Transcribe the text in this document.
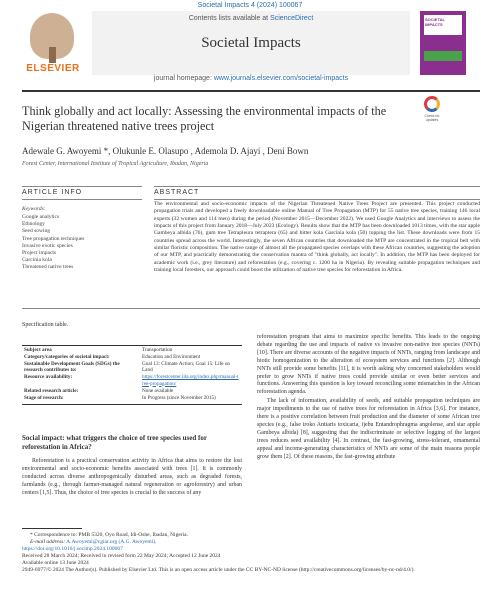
Societal Impacts 4 (2024) 100067
ELSEVIER
Contents lists available at ScienceDirect
Societal Impacts
journal homepage: www.journals.elsevier.com/societal-impacts
SOCIETAL IMPACTS
Think globally and act locally: Assessing the environmental impacts of the Nigerian threatened native trees project
Check for updates
Adewale G. Awoyemi *, Olukunle E. Olasupo , Ademola D. Ajayi , Deni Bown
Forest Center, International Institute of Tropical Agriculture, Ibadan, Nigeria
ARTICLE INFO	ABSTRACT
Keywords:
Google analytics
Ethnology
Seed sowing
Tree propagation techniques
Invasive exotic species
Project impacts
Garcinia kola
Threatened native trees
The environmental and socio-economic impacts of the Nigerian Threatened Native Trees Project are presented. This project conducted propagation trials and developed a freely downloadable online Manual of Tree Propagation (MTP) for 55 native tree species, training 146 local experts (32 women and 114 men) during the period (November 2015—December 2022). We used Google Analytics and interviews to assess the impacts of this project from January 2018—July 2023 (Ecology). Results show that the MTP has been downloaded 1013 times, with the star apple Gambeya albida (76), gum tree Tetrapleura tetraptera (65) and bitter kola Garcinia kola (50) topping the list. These downloads were from 15 countries spread across the world. Interestingly, the seven African countries that downloaded the MTP are concentrated in the tropical belt with similar floristic composition. The native range of almost all the propagated species overlaps with these African countries, suggesting the adoption of our MTP, and practically demonstrating the conservation mantra of "think globally, act locally". In addition, the MTP has been deployed for academic work (i.e., grey literature) and reforestation (e.g., covering c. 1200 ha in Nigeria). By revealing suitable propagation techniques and training local foresters, our approach could boost the utilization of native tree species for reforestation in Africa.
Specification table.
Subject area	Transportation
Category/categories of societal impact:	Education and Environment
Sustainable Development Goals (SDGs) the research contributes to:	Goal 13: Climate Action; Goal 15: Life on Land
Resource availability:	https://forestcenter.iita.org/index.php/manual-tree-propagation/
Related research article:	None available
Stage of research:	In Progress (since November 2015)
Social impact: what triggers the choice of tree species used for reforestation in Africa?
Reforestation is a practical conservation activity in Africa that aims to restore the lost environmental and socio-economic benefits associated with trees [1]. It is commonly conducted across diverse anthropogenically disturbed areas, such as degraded forests, farmlands (e.g., through farmer-managed natural regeneration or agroforestry) and urban centers [1,5]. Thus, the choice of tree species is crucial to the success of any

reforestation program that aims to maximize specific benefits. This leads to the ongoing debate regarding the use and impacts of native vs invasive non-native tree species (NNTs) [10]. There are diverse accounts of the negative impacts of NNTs, ranging from landscape and biotic homogenization to the alteration of ecosystem services and functions [2]. Although NNTs still provide some benefits [11], it is worth asking why concerned stakeholders would prefer to grow NNTs if native trees could provide similar or even better services and functions. Answering this question is key toward reconciling some mismatches in the African reforestation agenda.

The lack of information, availability of seeds, and suitable propagation techniques are major impediments to the use of native trees for reforestation in Africa [3,6]. For instance, there is a positive correlation between fruit production and the diameter of some African tree species (e.g., false iroko Antiaris toxicaria, ijebu Entandrophragma angolense, and star apple Gambeya albida) [8], suggesting that the indiscriminate or selective logging of the largest trees reduces seed availability [4]. In contrast, the fast-growing, stress-tolerant, ornamental appeal and income-generating characteristics of NNTs are some of the main reasons people grow them [2]. Of these reasons, the fast-growing attribute

* Correspondence to: PMB 5320, Oyo Road, Idi-Oshe, Ibadan, Nigeria.
E-mail address: A.Awoyemi@cgiar.org (A.G. Awoyemi).
https://doi.org/10.1016/j.socimp.2024.100067
Received 28 March 2024; Received in revised form 22 May 2024; Accepted 12 June 2024
Available online 13 June 2024
2949-6977/© 2024 The Author(s). Published by Elsevier Ltd. This is an open access article under the CC BY-NC-ND license (http://creativecommons.org/licenses/by-nc-nd/4.0/).
